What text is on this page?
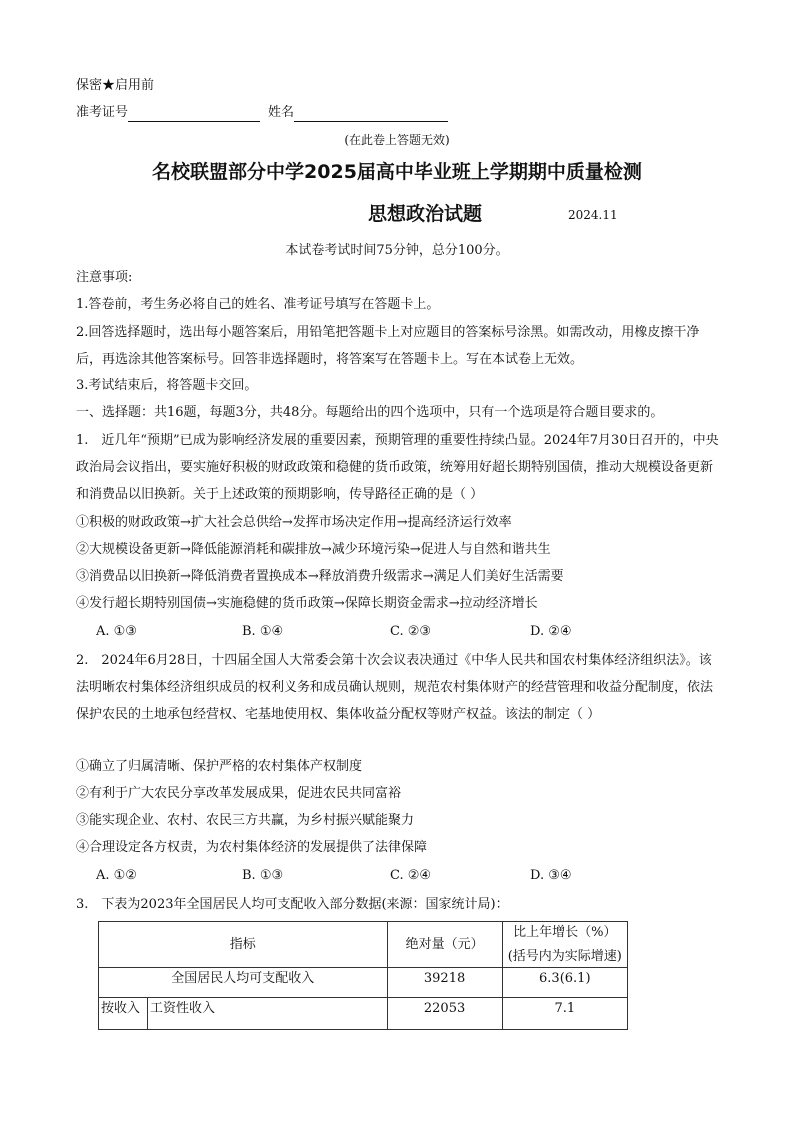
保密★启用前
准考证号	姓名
(在此卷上答题无效)
名校联盟部分中学2025届高中毕业班上学期期中质量检测
思想政治试题	2024.11
本试卷考试时间75分钟，总分100分。
注意事项:
1.答卷前，考生务必将自己的姓名、准考证号填写在答题卡上。
2.回答选择题时，选出每小题答案后，用铅笔把答题卡上对应题目的答案标号涂黑。如需改动，用橡皮擦干净后，再选涂其他答案标号。回答非选择题时，将答案写在答题卡上。写在本试卷上无效。
3.考试结束后，将答题卡交回。
一、选择题：共16题，每题3分，共48分。每题给出的四个选项中，只有一个选项是符合题目要求的。
1.　近几年“预期”已成为影响经济发展的重要因素，预期管理的重要性持续凸显。2024年7月30日召开的，中央政治局会议指出，要实施好积极的财政政策和稳健的货币政策，统筹用好超长期特别国债，推动大规模设备更新和消费品以旧换新。关于上述政策的预期影响，传导路径正确的是（ ）
①积极的财政政策→扩大社会总供给→发挥市场决定作用→提高经济运行效率
②大规模设备更新→降低能源消耗和碳排放→减少环境污染→促进人与自然和谐共生
③消费品以旧换新→降低消费者置换成本→释放消费升级需求→满足人们美好生活需要
④发行超长期特别国债→实施稳健的货币政策→保障长期资金需求→拉动经济增长
A. ①③	B. ①④	C. ②③	D. ②④
2.　2024年6月28日，十四届全国人大常委会第十次会议表决通过《中华人民共和国农村集体经济组织法》。该法明晰农村集体经济组织成员的权利义务和成员确认规则，规范农村集体财产的经营管理和收益分配制度，依法保护农民的土地承包经营权、宅基地使用权、集体收益分配权等财产权益。该法的制定（ ）
①确立了归属清晰、保护严格的农村集体产权制度
②有利于广大农民分享改革发展成果，促进农民共同富裕
③能实现企业、农村、农民三方共赢，为乡村振兴赋能聚力
④合理设定各方权责，为农村集体经济的发展提供了法律保障
A. ①②	B. ①③	C. ②④	D. ③④
3.　下表为2023年全国居民人均可支配收入部分数据(来源：国家统计局)：
指标		绝对量（元）	比上年增长（%）
(括号内为实际增速)

全国居民人均可支配收入		39218	6.3(6.1)
按收入	工资性收入	22053	7.1
